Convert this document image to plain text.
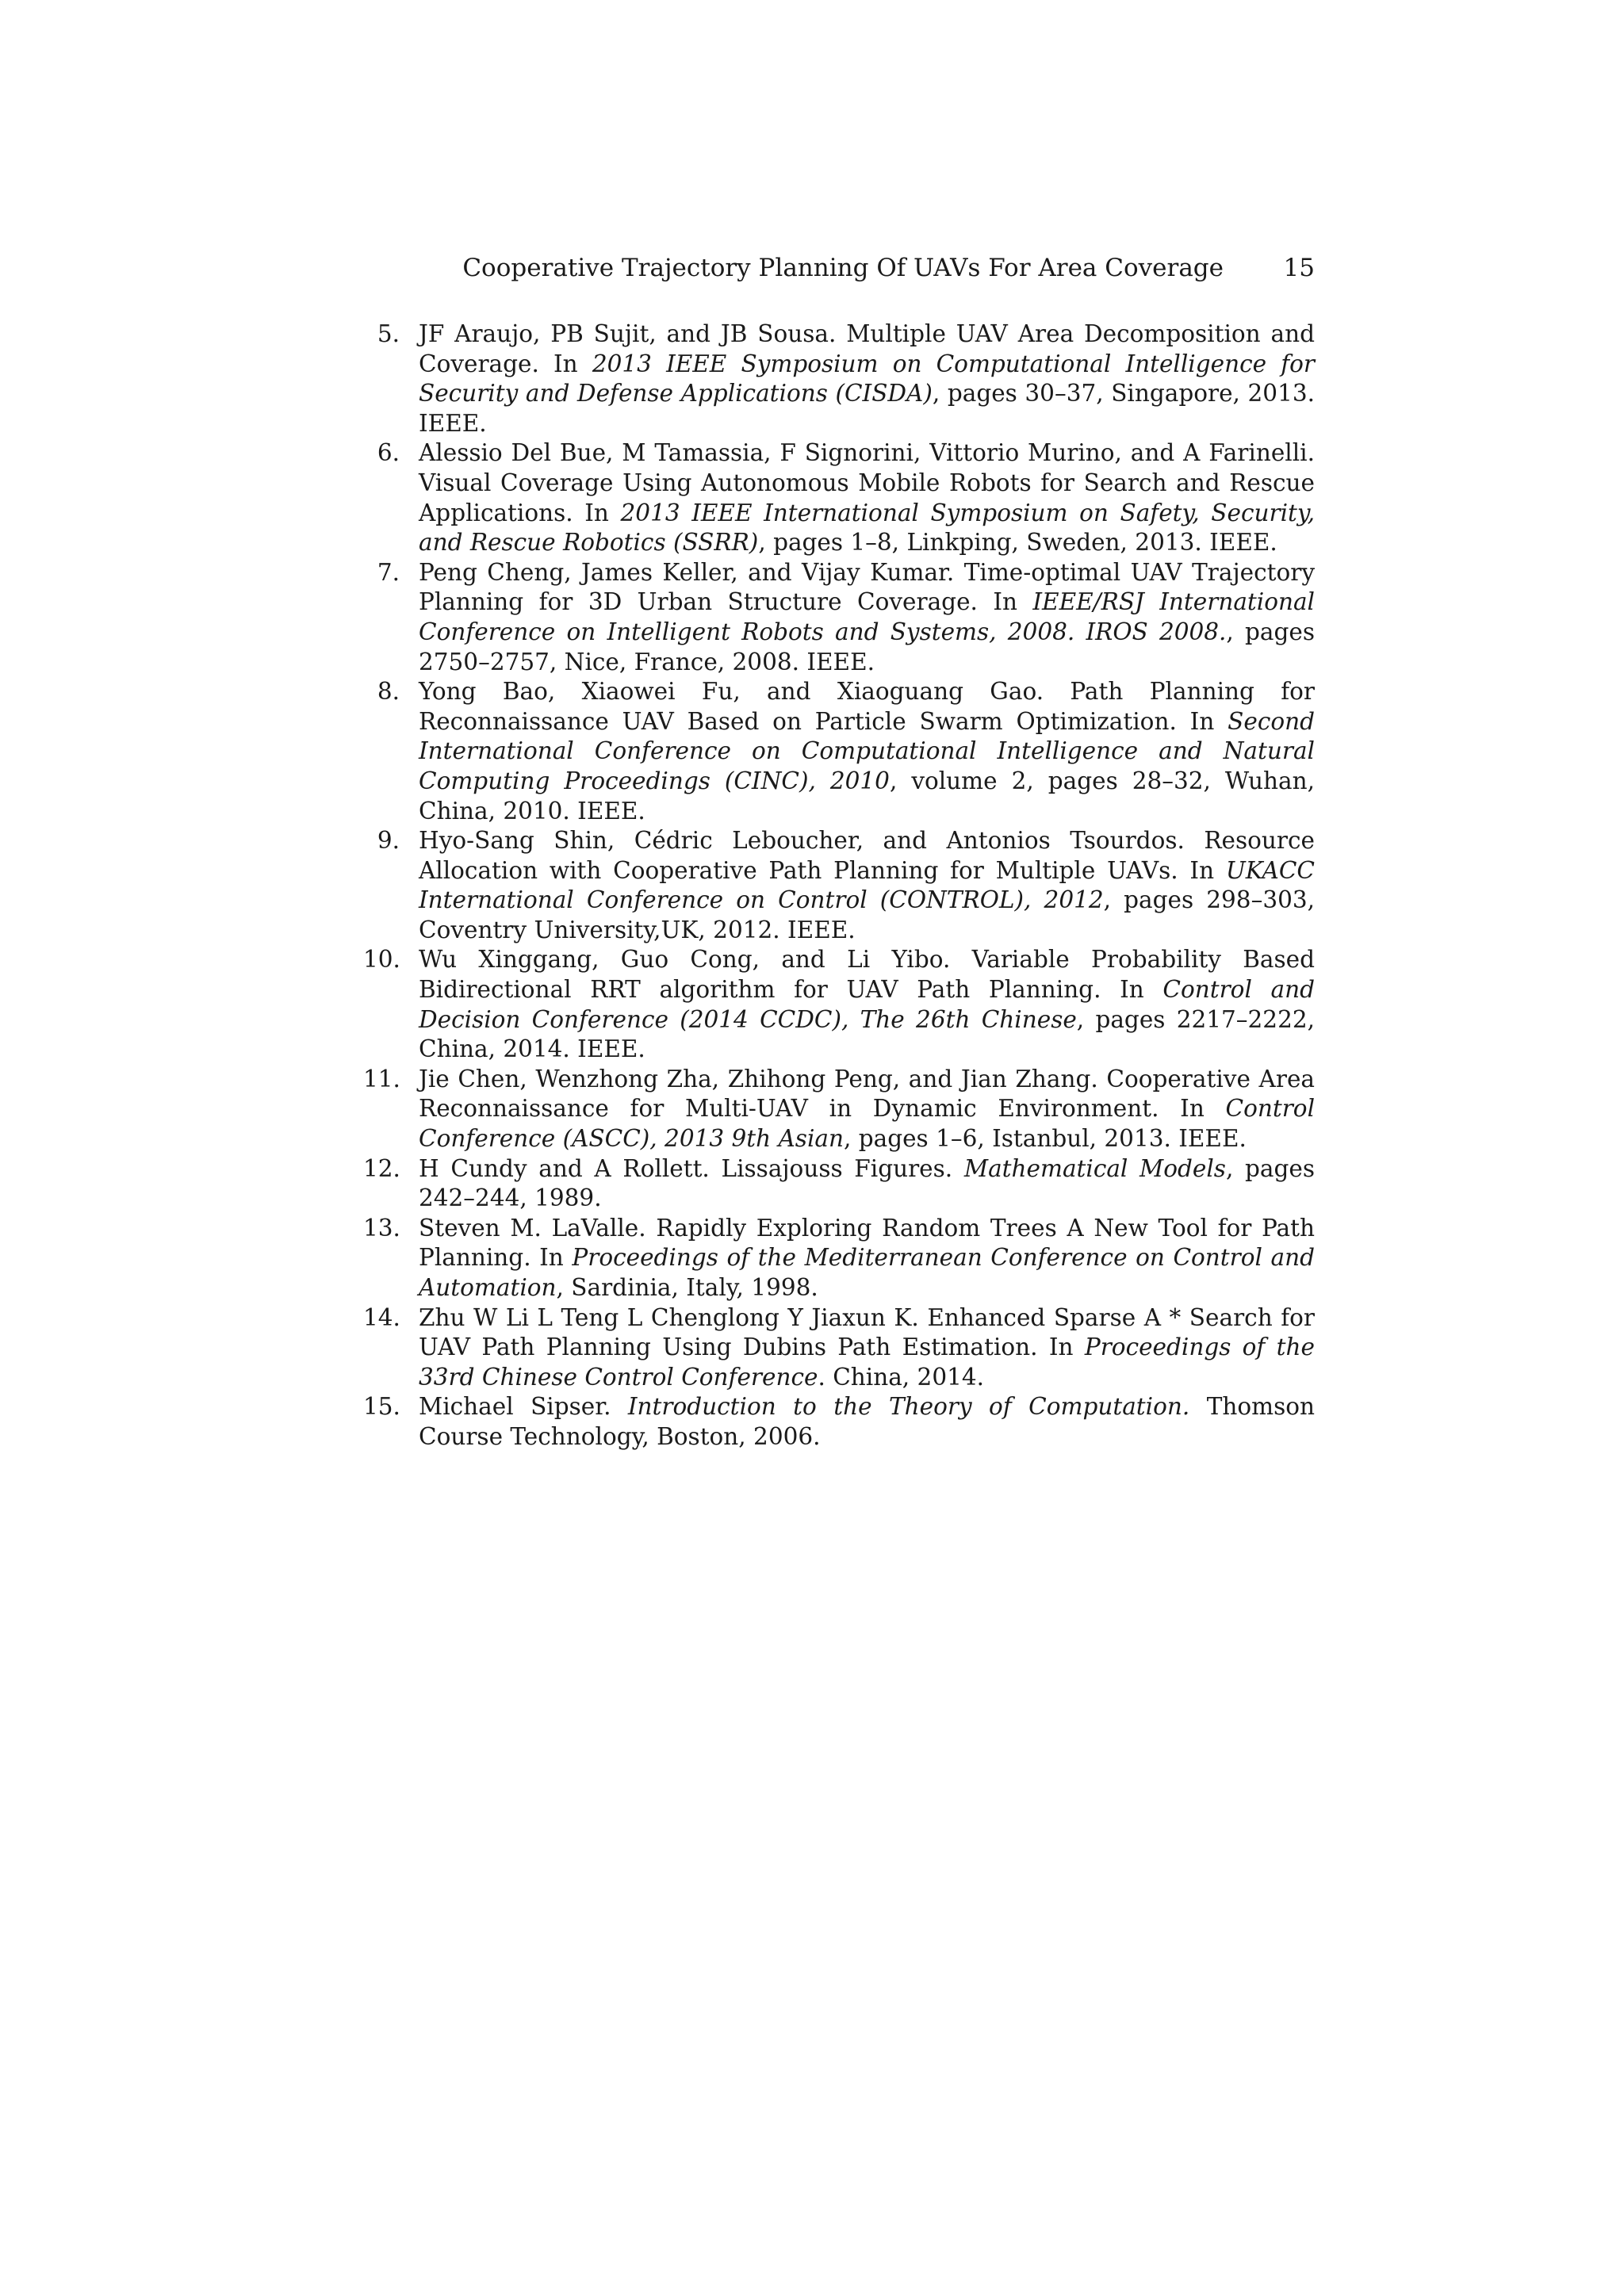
Cooperative Trajectory Planning Of UAVs For Area Coverage 15
5. JF Araujo, PB Sujit, and JB Sousa. Multiple UAV Area Decomposition and Coverage. In 2013 IEEE Symposium on Computational Intelligence for Security and Defense Applications (CISDA), pages 30–37, Singapore, 2013. IEEE.
6. Alessio Del Bue, M Tamassia, F Signorini, Vittorio Murino, and A Farinelli. Visual Coverage Using Autonomous Mobile Robots for Search and Rescue Applications. In 2013 IEEE International Symposium on Safety, Security, and Rescue Robotics (SSRR), pages 1–8, Linkping, Sweden, 2013. IEEE.
7. Peng Cheng, James Keller, and Vijay Kumar. Time-optimal UAV Trajectory Planning for 3D Urban Structure Coverage. In IEEE/RSJ International Conference on Intelligent Robots and Systems, 2008. IROS 2008., pages 2750–2757, Nice, France, 2008. IEEE.
8. Yong Bao, Xiaowei Fu, and Xiaoguang Gao. Path Planning for Reconnaissance UAV Based on Particle Swarm Optimization. In Second International Conference on Computational Intelligence and Natural Computing Proceedings (CINC), 2010, volume 2, pages 28–32, Wuhan, China, 2010. IEEE.
9. Hyo-Sang Shin, Cédric Leboucher, and Antonios Tsourdos. Resource Allocation with Cooperative Path Planning for Multiple UAVs. In UKACC International Conference on Control (CONTROL), 2012, pages 298–303, Coventry University,UK, 2012. IEEE.
10. Wu Xinggang, Guo Cong, and Li Yibo. Variable Probability Based Bidirectional RRT algorithm for UAV Path Planning. In Control and Decision Conference (2014 CCDC), The 26th Chinese, pages 2217–2222, China, 2014. IEEE.
11. Jie Chen, Wenzhong Zha, Zhihong Peng, and Jian Zhang. Cooperative Area Reconnaissance for Multi-UAV in Dynamic Environment. In Control Conference (ASCC), 2013 9th Asian, pages 1–6, Istanbul, 2013. IEEE.
12. H Cundy and A Rollett. Lissajouss Figures. Mathematical Models, pages 242–244, 1989.
13. Steven M. LaValle. Rapidly Exploring Random Trees A New Tool for Path Planning. In Proceedings of the Mediterranean Conference on Control and Automation, Sardinia, Italy, 1998.
14. Zhu W Li L Teng L Chenglong Y Jiaxun K. Enhanced Sparse A * Search for UAV Path Planning Using Dubins Path Estimation. In Proceedings of the 33rd Chinese Control Conference. China, 2014.
15. Michael Sipser. Introduction to the Theory of Computation. Thomson Course Technology, Boston, 2006.
